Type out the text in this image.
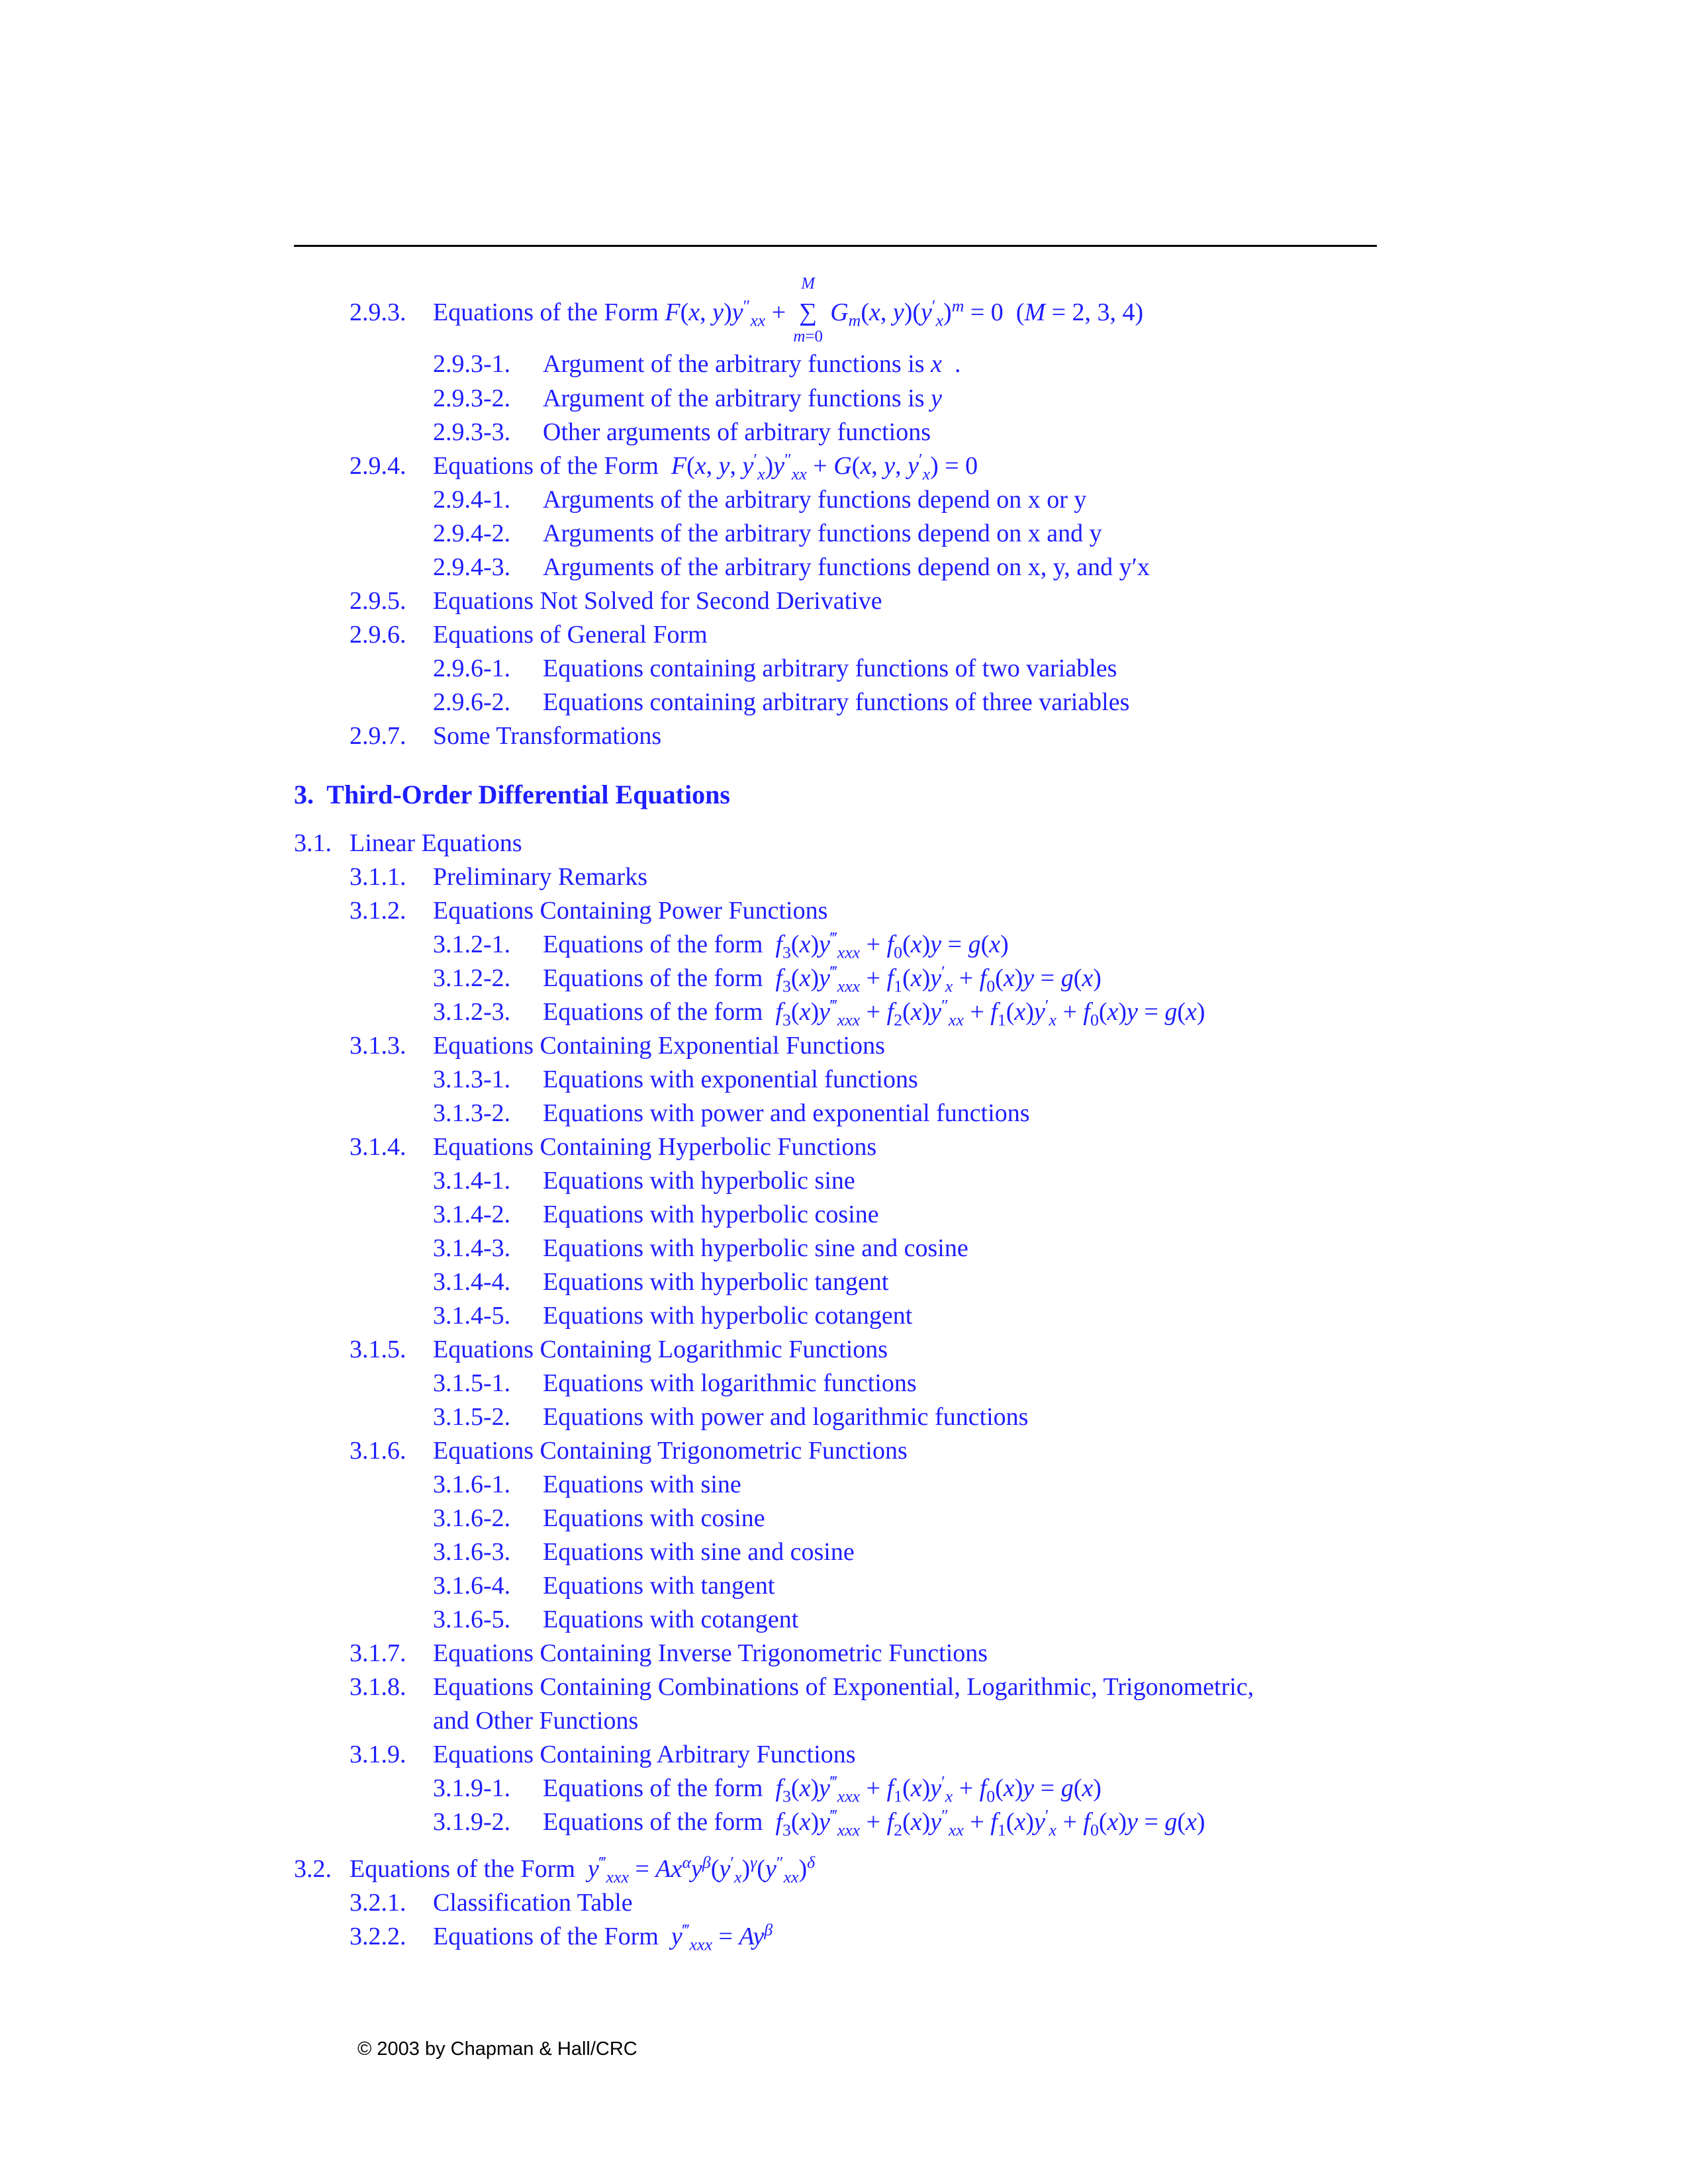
2.9.3. Equations of the Form F(x, $y)y''_{xx}$ +
M
∑
m=0
$G_m(x$, $y)(y'_x)^m = 0$  (M = 2, 3, 4)
2.9.3-1. Argument of the arbitrary functions is x  .
2.9.3-2. Argument of the arbitrary functions is y
2.9.3-3. Other arguments of arbitrary functions
2.9.4. Equations of the Form F(x, y, $y'_x)y''_{xx} + G(x$, y, $y'_x) = 0$
2.9.4-1. Arguments of the arbitrary functions depend on x or y
2.9.4-2. Arguments of the arbitrary functions depend on x and y
2.9.4-3. Arguments of the arbitrary functions depend on x, y, and y′x
2.9.5. Equations Not Solved for Second Derivative
2.9.6. Equations of General Form
2.9.6-1. Equations containing arbitrary functions of two variables
2.9.6-2. Equations containing arbitrary functions of three variables
2.9.7. Some Transformations
3. Third-Order Differential Equations
3.1. Linear Equations
3.1.1. Preliminary Remarks
3.1.2. Equations Containing Power Functions
3.1.2-1. Equations of the form $f_3(x)y^‴_{xxx} + f_0(x)y = g(x)$
3.1.2-2. Equations of the form $f_3(x)y^‴_{xxx} + f_1(x)y'_x + f_0(x)y = g(x)$
3.1.2-3. Equations of the form $f_3(x)y^‴_{xxx} + f_2(x)y''_{xx} + f_1(x)y'_x + f_0(x)y = g(x)$
3.1.3. Equations Containing Exponential Functions
3.1.3-1. Equations with exponential functions
3.1.3-2. Equations with power and exponential functions
3.1.4. Equations Containing Hyperbolic Functions
3.1.4-1. Equations with hyperbolic sine
3.1.4-2. Equations with hyperbolic cosine
3.1.4-3. Equations with hyperbolic sine and cosine
3.1.4-4. Equations with hyperbolic tangent
3.1.4-5. Equations with hyperbolic cotangent
3.1.5. Equations Containing Logarithmic Functions
3.1.5-1. Equations with logarithmic functions
3.1.5-2. Equations with power and logarithmic functions
3.1.6. Equations Containing Trigonometric Functions
3.1.6-1. Equations with sine
3.1.6-2. Equations with cosine
3.1.6-3. Equations with sine and cosine
3.1.6-4. Equations with tangent
3.1.6-5. Equations with cotangent
3.1.7. Equations Containing Inverse Trigonometric Functions
3.1.8. Equations Containing Combinations of Exponential, Logarithmic, Trigonometric,
and Other Functions
3.1.9. Equations Containing Arbitrary Functions
3.1.9-1. Equations of the form $f_3(x)y^‴_{xxx} + f_1(x)y'_x + f_0(x)y = g(x)$
3.1.9-2. Equations of the form $f_3(x)y^‴_{xxx} + f_2(x)y''_{xx} + f_1(x)y'_x + f_0(x)y = g(x)$
3.2. Equations of the Form $y^‴_{xxx} = Ax^\alpha y^\beta(y'_x)^\gamma(y''_{xx})^\delta$
3.2.1. Classification Table
3.2.2. Equations of the Form $y^‴_{xxx} = Ay^\beta$
© 2003 by Chapman & Hall/CRC
